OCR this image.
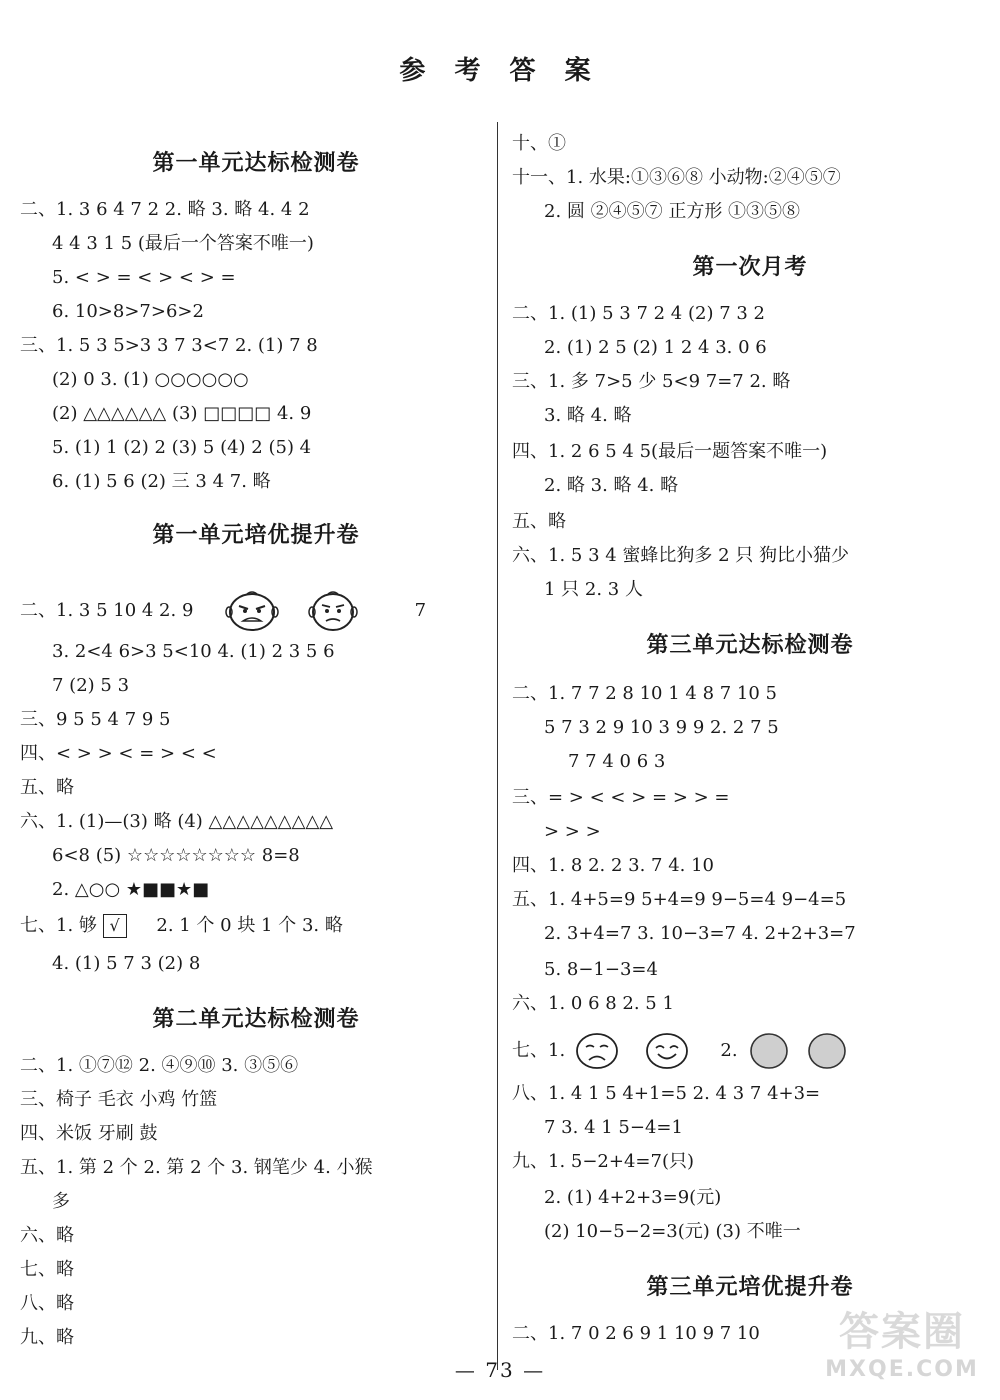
参 考 答 案
第一单元达标检测卷
二、1. 3 6 4 7 2 2. 略 3. 略 4. 4 2
4 4 3 1 5 (最后一个答案不唯一)
5. < > = < > < > =
6. 10>8>7>6>2
三、1. 5 3 5>3 3 7 3<7 2. (1) 7 8
(2) 0 3. (1) ○○○○○○
(2) △△△△△△ (3) □□□□ 4. 9
5. (1) 1 (2) 2 (3) 5 (4) 2 (5) 4
6. (1) 5 6 (2) 三 3 4 7. 略
第一单元培优提升卷
二、1. 3 5 10 4 2. 9	7
3. 2<4 6>3 5<10 4. (1) 2 3 5 6
7 (2) 5 3
三、9 5 5 4 7 9 5
四、< > > < = > < <
五、略
六、1. (1)—(3) 略 (4) △△△△△△△△△
6<8 (5) ☆☆☆☆☆☆☆☆ 8=8
2. △○○ ★■■★■
七、1. 够 √ 2. 1 个 0 块 1 个 3. 略
4. (1) 5 7 3 (2) 8
第二单元达标检测卷
二、1. ①⑦⑫ 2. ④⑨⑩ 3. ③⑤⑥
三、椅子 毛衣 小鸡 竹篮
四、米饭 牙刷 鼓
五、1. 第 2 个 2. 第 2 个 3. 钢笔少 4. 小猴
多
六、略
七、略
八、略
九、略
十、①
十一、1. 水果:①③⑥⑧ 小动物:②④⑤⑦
2. 圆 ②④⑤⑦ 正方形 ①③⑤⑧
第一次月考
二、1. (1) 5 3 7 2 4 (2) 7 3 2
2. (1) 2 5 (2) 1 2 4 3. 0 6
三、1. 多 7>5 少 5<9 7=7 2. 略
3. 略 4. 略
四、1. 2 6 5 4 5(最后一题答案不唯一)
2. 略 3. 略 4. 略
五、略
六、1. 5 3 4 蜜蜂比狗多 2 只 狗比小猫少
1 只 2. 3 人
第三单元达标检测卷
二、1. 7 7 2 8 10 1 4 8 7 10 5
5 7 3 2 9 10 3 9 9 2. 2 7 5
7 7 4 0 6 3
三、= > < < > = > > =
> > >
四、1. 8 2. 2 3. 7 4. 10
五、1. 4+5=9 5+4=9 9−5=4 9−4=5
2. 3+4=7 3. 10−3=7 4. 2+2+3=7
5. 8−1−3=4
六、1. 0 6 8 2. 5 1
七、1.	2.
八、1. 4 1 5 4+1=5 2. 4 3 7 4+3=
7 3. 4 1 5−4=1
九、1. 5−2+4=7(只)
2. (1) 4+2+3=9(元)
(2) 10−5−2=3(元) (3) 不唯一
第三单元培优提升卷
二、1. 7 0 2 6 9 1 10 9 7 10	答案圈
MXQE.COM
— 73 —
